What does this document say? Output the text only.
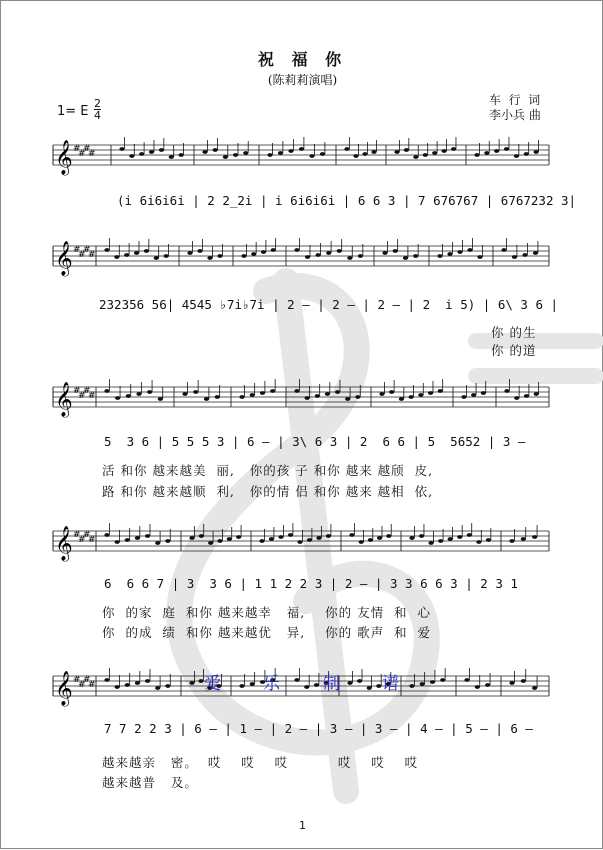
祝 福 你
(陈莉莉演唱)
1= E $\frac{2}{4}$	车  行  词
李小兵 曲
𝄞 #
#
#
#
𝄞 #
#
#
#
𝄞 #
#
#
#
𝄞 #
#
#
#
𝄞 #
#
#
#
(i 6i6i6i | 2 2̲2i | i 6i6i6i | 6 6 3 | 7 676767 | 6767232 3|
232356 56| 4545 ♭7i♭7i | 2 — | 2 — | 2 — | 2  i 5) | 6\ 3 6 |
你 的生
你 的道
5  3 6 | 5 5 5 3 | 6 — | 3\ 6 3 | 2  6 6 | 5  5652 | 3 —
活 和你 越来越美  丽,   你的孩 子 和你 越来 越颀  皮,
路 和你 越来越顺  利,   你的情 侣 和你 越来 越相  依,
6  6 6 7 | 3  3 6 | 1 1 2 2 3 | 2 — | 3 3 6 6 3 | 2 3 1
你  的家  庭  和你 越来越幸   福,    你的 友情  和  心
你  的成  绩  和你 越来越优   异,    你的 歌声  和  爱
7 7 2 2 3 | 6 — | 1 — | 2 — | 3 — | 3 — | 4 — | 5 — | 6 —
越来越亲   密。  哎    哎    哎          哎    哎    哎
越来越普   及。
爱 乐	制 谱
1
